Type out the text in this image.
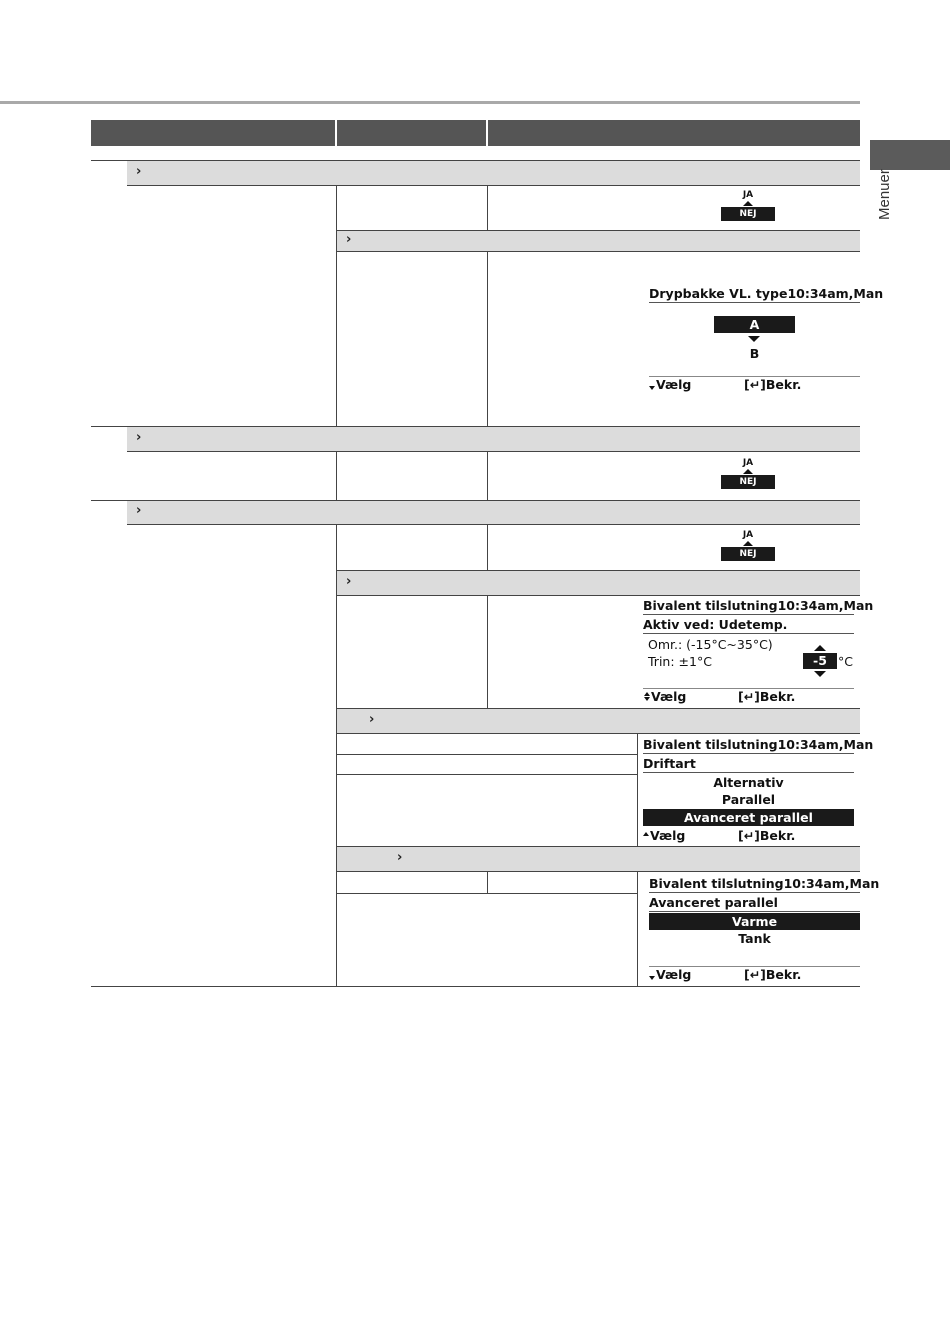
Menuer
›
JA
NEJ
›
Drypbakke VL. type 10:34am,Man
A
B
Vælg	[↵]Bekr.
›
JA
NEJ
›
JA
NEJ
›
Bivalent tilslutning 10:34am,Man
Aktiv ved: Udetemp.
Omr.: (-15°C~35°C)
Trin: ±1°C	-5 °C
Vælg	[↵]Bekr.
›
Bivalent tilslutning 10:34am,Man
Driftart
Alternativ
Parallel
Avanceret parallel
Vælg	[↵]Bekr.
›
Bivalent tilslutning 10:34am,Man
Avanceret parallel
Varme
Tank
Vælg	[↵]Bekr.
